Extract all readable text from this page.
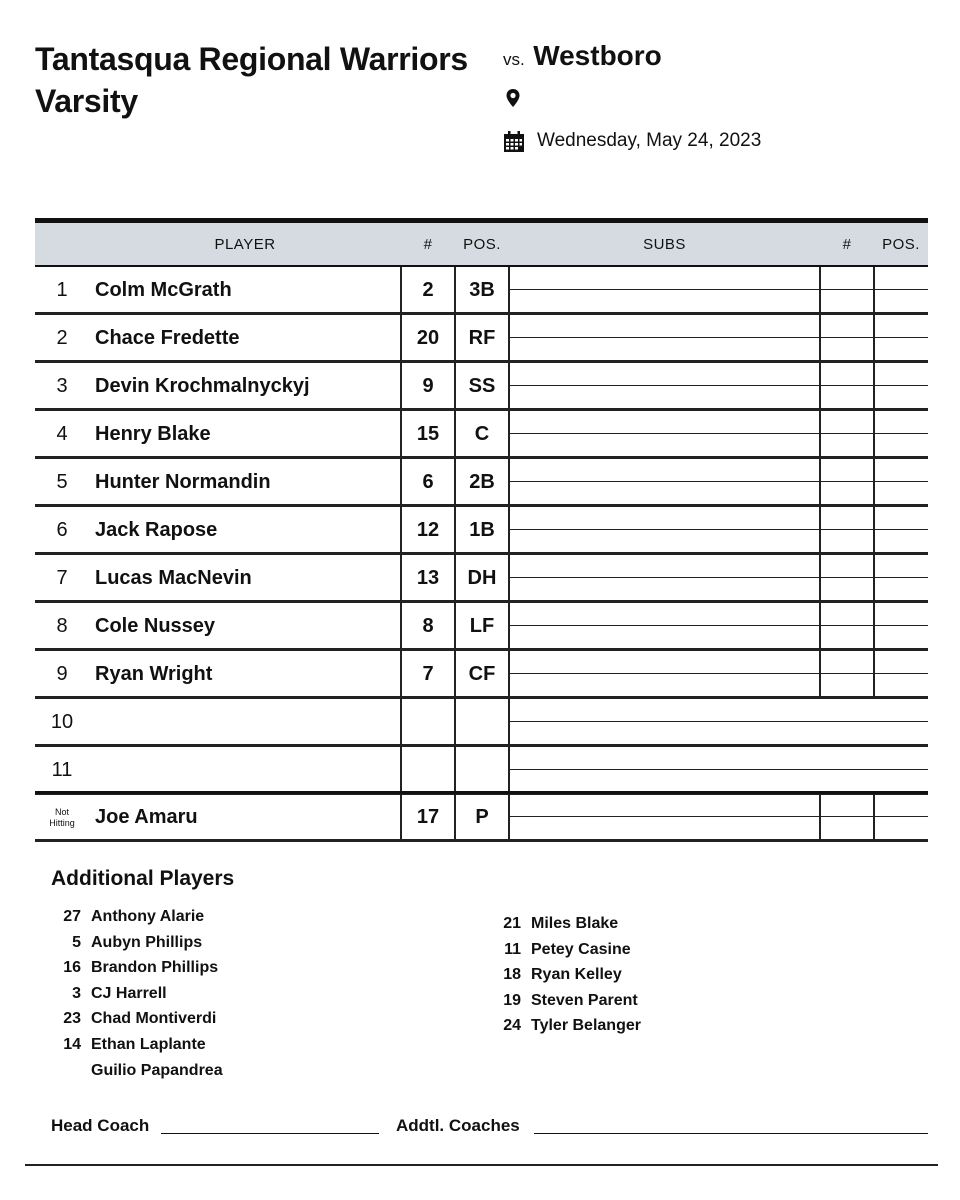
Tantasqua Regional Warriors
Varsity
vs. Westboro
Wednesday, May 24, 2023
PLAYER	#	POS.	SUBS	#	POS.
1	Colm McGrath	2	3B
2	Chace Fredette	20	RF
3	Devin Krochmalnyckyj	9	SS
4	Henry Blake	15	C
5	Hunter Normandin	6	2B
6	Jack Rapose	12	1B
7	Lucas MacNevin	13	DH
8	Cole Nussey	8	LF
9	Ryan Wright	7	CF
10
11
Not
Hitting	Joe Amaru	17	P
Additional Players
27 Anthony Alarie
5 Aubyn Phillips
16 Brandon Phillips
3 CJ Harrell
23 Chad Montiverdi
14 Ethan Laplante
Guilio Papandrea
21 Miles Blake
11 Petey Casine
18 Ryan Kelley
19 Steven Parent
24 Tyler Belanger
Head Coach	Addtl. Coaches
